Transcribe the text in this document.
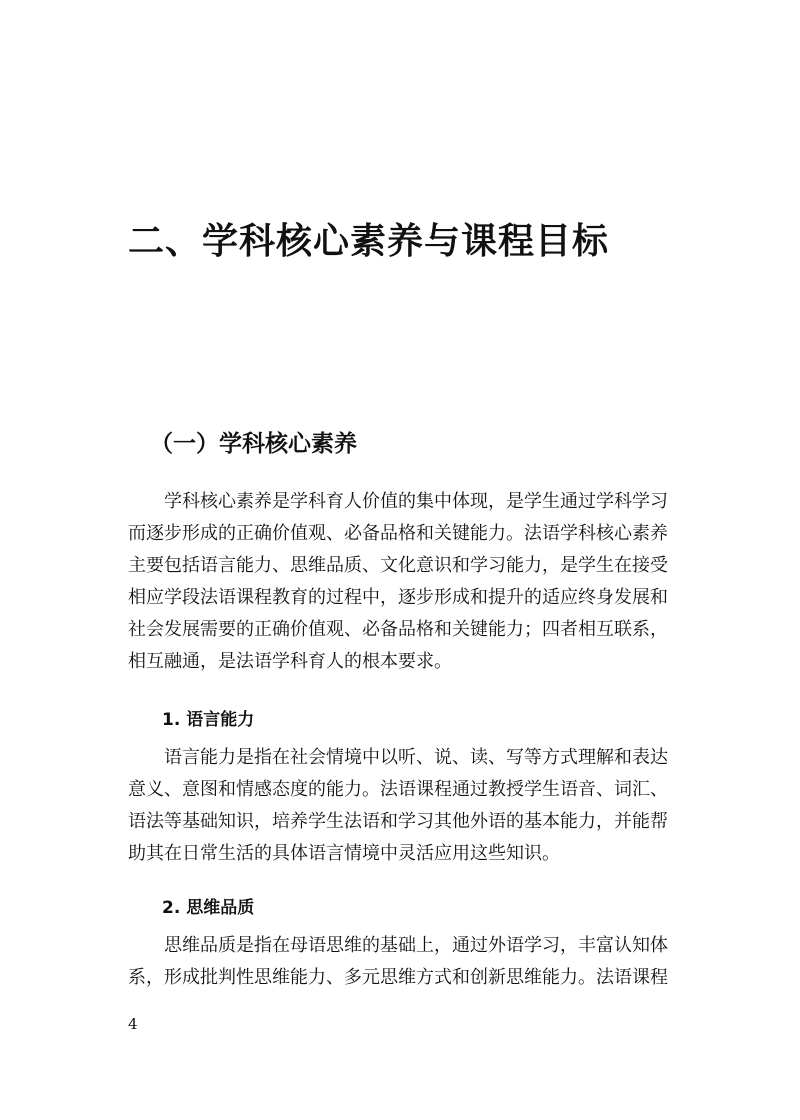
二、学科核心素养与课程目标
（一）学科核心素养

学科核心素养是学科育人价值的集中体现，是学生通过学科学习而逐步形成的正确价值观、必备品格和关键能力。法语学科核心素养主要包括语言能力、思维品质、文化意识和学习能力，是学生在接受相应学段法语课程教育的过程中，逐步形成和提升的适应终身发展和社会发展需要的正确价值观、必备品格和关键能力；四者相互联系，相互融通，是法语学科育人的根本要求。

1. 语言能力

语言能力是指在社会情境中以听、说、读、写等方式理解和表达意义、意图和情感态度的能力。法语课程通过教授学生语音、词汇、语法等基础知识，培养学生法语和学习其他外语的基本能力，并能帮助其在日常生活的具体语言情境中灵活应用这些知识。

2. 思维品质

思维品质是指在母语思维的基础上，通过外语学习，丰富认知体系，形成批判性思维能力、多元思维方式和创新思维能力。法语课程

4
